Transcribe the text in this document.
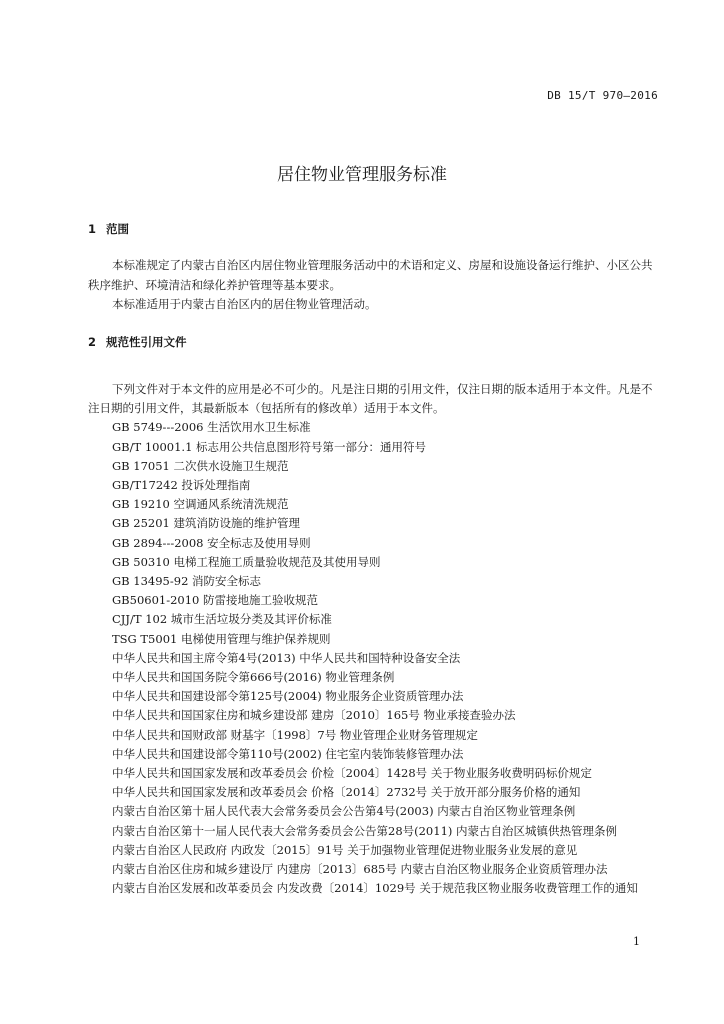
DB 15/T 970—2016
居住物业管理服务标准
1 范围
本标准规定了内蒙古自治区内居住物业管理服务活动中的术语和定义、房屋和设施设备运行维护、小区公共秩序维护、环境清洁和绿化养护管理等基本要求。
本标准适用于内蒙古自治区内的居住物业管理活动。
2 规范性引用文件
下列文件对于本文件的应用是必不可少的。凡是注日期的引用文件，仅注日期的版本适用于本文件。凡是不注日期的引用文件，其最新版本（包括所有的修改单）适用于本文件。
GB 5749---2006 生活饮用水卫生标准
GB/T 10001.1 标志用公共信息图形符号第一部分：通用符号
GB 17051 二次供水设施卫生规范
GB/T17242 投诉处理指南
GB 19210 空调通风系统清洗规范
GB 25201 建筑消防设施的维护管理
GB 2894---2008 安全标志及使用导则
GB 50310 电梯工程施工质量验收规范及其使用导则
GB 13495-92 消防安全标志
GB50601-2010 防雷接地施工验收规范
CJJ/T 102 城市生活垃圾分类及其评价标准
TSG T5001 电梯使用管理与维护保养规则
中华人民共和国主席令第4号(2013) 中华人民共和国特种设备安全法
中华人民共和国国务院令第666号(2016) 物业管理条例
中华人民共和国建设部令第125号(2004) 物业服务企业资质管理办法
中华人民共和国国家住房和城乡建设部 建房〔2010〕165号 物业承接查验办法
中华人民共和国财政部 财基字〔1998〕7号 物业管理企业财务管理规定
中华人民共和国建设部令第110号(2002) 住宅室内装饰装修管理办法
中华人民共和国国家发展和改革委员会 价检〔2004〕1428号 关于物业服务收费明码标价规定
中华人民共和国国家发展和改革委员会 价格〔2014〕2732号 关于放开部分服务价格的通知
内蒙古自治区第十届人民代表大会常务委员会公告第4号(2003) 内蒙古自治区物业管理条例
内蒙古自治区第十一届人民代表大会常务委员会公告第28号(2011) 内蒙古自治区城镇供热管理条例
内蒙古自治区人民政府 内政发〔2015〕91号 关于加强物业管理促进物业服务业发展的意见
内蒙古自治区住房和城乡建设厅 内建房〔2013〕685号 内蒙古自治区物业服务企业资质管理办法
内蒙古自治区发展和改革委员会 内发改费〔2014〕1029号 关于规范我区物业服务收费管理工作的通知
1
